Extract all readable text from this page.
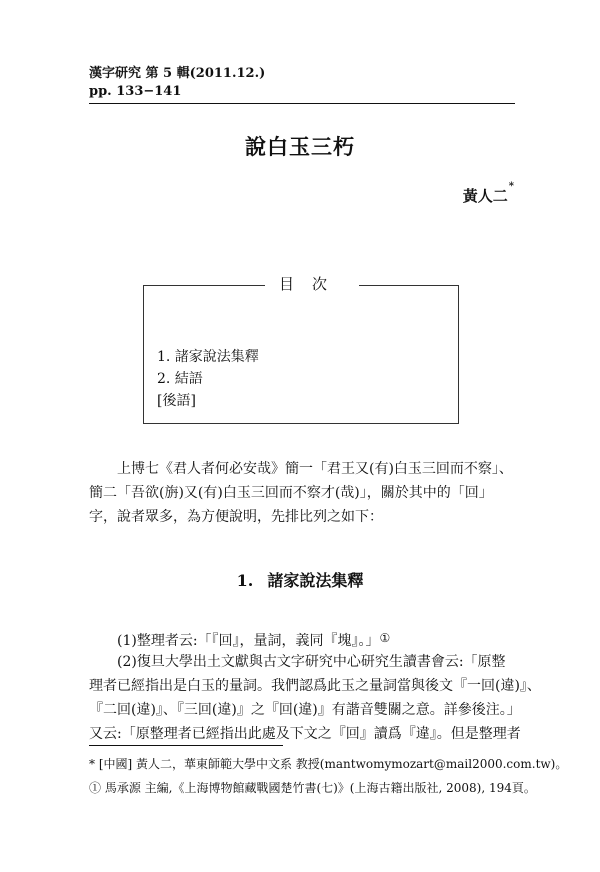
漢字研究 第 5 輯(2011.12.)
pp. 133−141
說白玉三朽
黃人二*
目次
1. 諸家說法集釋
2. 結語
[後語]
上博七《君人者何必安哉》簡一「君王又(有)白玉三回而不察」、
簡二「吾欲(旃)又(有)白玉三回而不察才(哉)」，關於其中的「回」
字，說者眾多，為方便說明，先排比列之如下：
1. 諸家說法集釋
(1)整理者云:「『回』，量詞，義同『塊』。」①
(2)復旦大學出土文獻與古文字研究中心研究生讀書會云:「原整
理者已經指出是白玉的量詞。我們認爲此玉之量詞當與後文『一回(違)』、
『二回(違)』、『三回(違)』之『回(違)』有諧音雙關之意。詳參後注。」
又云:「原整理者已經指出此處及下文之『回』讀爲『違』。但是整理者
* [中國] 黃人二，華東師範大學中文系 教授(mantwomymozart@mail2000.com.tw)。
① 馬承源 主編,《上海博物館藏戰國楚竹書(七)》(上海古籍出版社, 2008), 194頁。
